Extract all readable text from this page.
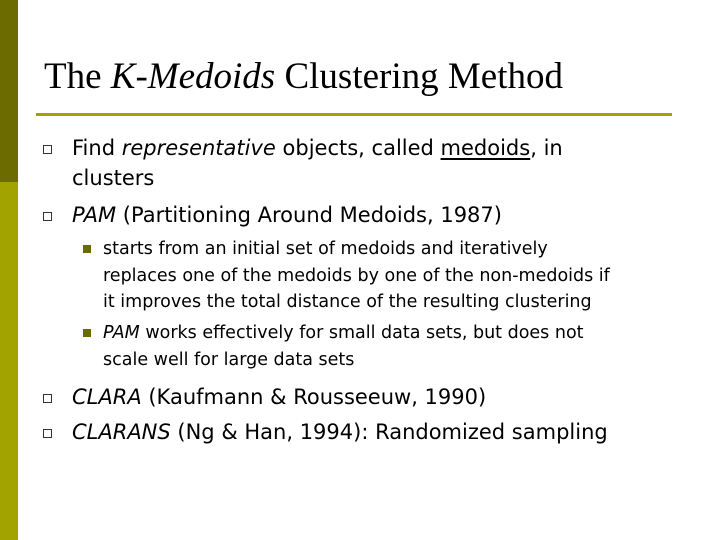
The K-Medoids Clustering Method
Find representative objects, called medoids, in
clusters
PAM (Partitioning Around Medoids, 1987)
starts from an initial set of medoids and iteratively
replaces one of the medoids by one of the non-medoids if
it improves the total distance of the resulting clustering
PAM works effectively for small data sets, but does not
scale well for large data sets
CLARA (Kaufmann & Rousseeuw, 1990)
CLARANS (Ng & Han, 1994): Randomized sampling
